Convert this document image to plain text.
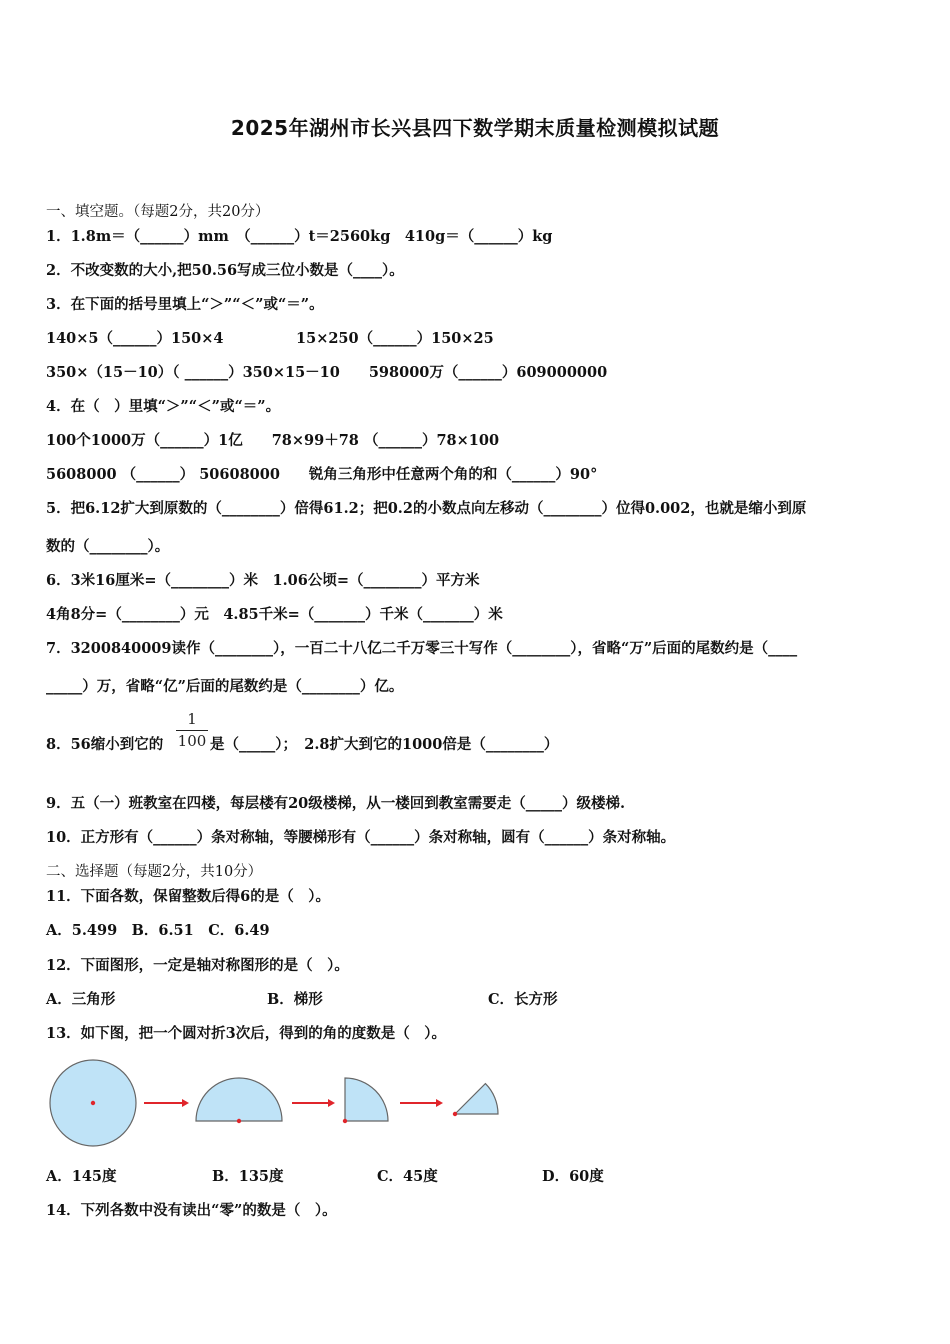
2025年湖州市长兴县四下数学期末质量检测模拟试题
一、填空题。（每题2分，共20分）
1．1.8m＝（______）mm　（______）t＝2560kg　410g＝（______）kg
2．不改变数的大小,把50.56写成三位小数是（____）。
3．在下面的括号里填上“＞”“＜”或“＝”。
140×5（______）150×4　　　　　15×250（______）150×25
350×（15－10）（ ______）350×15－10　　598000万（______）609000000
4．在（　）里填“＞”“＜”或“＝”。
100个1000万（______）1亿　　78×99＋78 （______）78×100
5608000 （______） 50608000　　锐角三角形中任意两个角的和（______）90°
5．把6.12扩大到原数的（________）倍得61.2；把0.2的小数点向左移动（________）位得0.002，也就是缩小到原
数的（________）。
6．3米16厘米=（________）米　1.06公顷=（________）平方米
4角8分=（________）元　4.85千米=（_______）千米（_______）米
7．3200840009读作（________），一百二十八亿二千万零三十写作（________），省略“万”后面的尾数约是（____
_____）万，省略“亿”后面的尾数约是（________）亿。
8．56缩小到它的
1
100 是（_____）；　2.8扩大到它的1000倍是（________）
9．五（一）班教室在四楼，每层楼有20级楼梯，从一楼回到教室需要走（_____）级楼梯.
10．正方形有（______）条对称轴，等腰梯形有（______）条对称轴，圆有（______）条对称轴。
二、选择题（每题2分，共10分）
11．下面各数，保留整数后得6的是（　）。
A．5.499　B．6.51　C．6.49
12．下面图形，一定是轴对称图形的是（　）。
A．三角形	B．梯形	C．长方形
13．如下图，把一个圆对折3次后，得到的角的度数是（　）。
A．145度	B．135度	C．45度	D．60度
14．下列各数中没有读出“零”的数是（　）。
